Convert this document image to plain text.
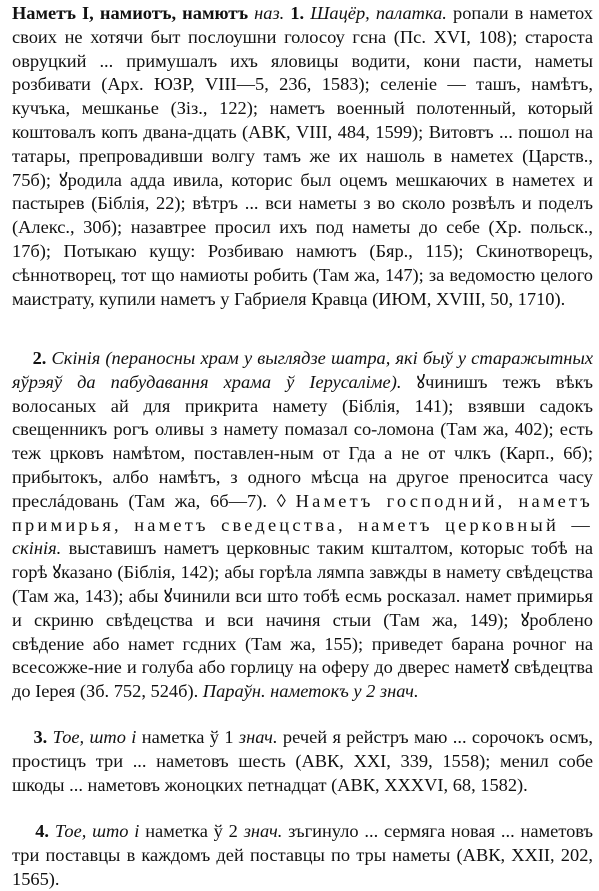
Наметъ I, намиотъ, намютъ наз. 1. Шацёр, палатка. ропали в наметох своих не хотячи быт послоушни голосоу гсна (Пс. XVI, 108); староста овруцкий ... примушалъ ихъ яловицы водити, кони пасти, наметы розбивати (Арх. ЮЗР, VIII—5, 236, 1583); селеніе — ташъ, намѣтъ, кучъка, мешканье (Зіз., 122); наметъ военный полотенный, который коштовалъ копъ двана-дцать (АВК, VIII, 484, 1599); Витовтъ ... пошол на татары, препровадивши волгу тамъ же их нашоль в наметех (Царств., 75б); ꙋродила адда ивила, которис был оцемъ мешкаючих в наметех и пастырев (Біблія, 22); вѣтръ ... вси наметы з во сколо розвѣлъ и поделъ (Алекс., 30б); назавтрее просил ихъ под наметы до себе (Хр. польск., 17б); Потыкаю кущу: Розбиваю намютъ (Бяр., 115); Скинотворецъ, сѣннотворец, тот що намиоты робить (Там жа, 147); за ведомостю целого маистрату, купили наметъ у Габриеля Кравца (ИЮМ, XVIII, 50, 1710).
2. Скінія (пераносны храм у выглядзе шатра, які быў у старажытных яўрэяў да пабудавання храма ў Іерусаліме). ꙋчинишъ тежъ вѣкъ волосаных ай для прикрита намету (Біблія, 141); взявши садокъ свещенникъ рогъ оливы з намету помазал со-ломона (Там жа, 402); есть теж црковъ намѣтом, поставлен-ным от Гда а не от члкъ (Карп., 6б); прибытокъ, албо намѣтъ, з одного мѣсца на другое преноситса часу преслáдовань (Там жа, 6б—7). ◊ Наметъ господний, наметъ примирья, наметъ сведецства, наметъ церковный — скінія. выставишъ наметъ церковныс таким кшталтом, которыс тобѣ на горѣ ꙋказано (Біблія, 142); абы горѣла лямпа завжды в намету свѣдецства (Там жа, 143); абы ꙋчинили вси што тобѣ есмь росказал. намет примирья и скриню свѣдецства и вси начиня стыи (Там жа, 149); ꙋроблено свѣдение або намет гсдних (Там жа, 155); приведет барана рочног на всесожже-ние и голуба або горлицу на оферу до двереc наметꙋ свѣдецтва до Іерея (Зб. 752, 524б). Параўн. наметокъ у 2 знач.
3. Тое, што і наметка ў 1 знач. речей я рейстръ маю ... сорочокъ осмъ, простицъ три ... наметовъ шесть (АВК, XXI, 339, 1558); менил собе шкоды ... наметовъ жоноцких петнадцат (АВК, XXXVI, 68, 1582).
4. Тое, што і наметка ў 2 знач. зъгинуло ... сермяга новая ... наметовъ три поставцы в каждомъ дей поставцы по тры наметы (АВК, XXII, 202, 1565).
